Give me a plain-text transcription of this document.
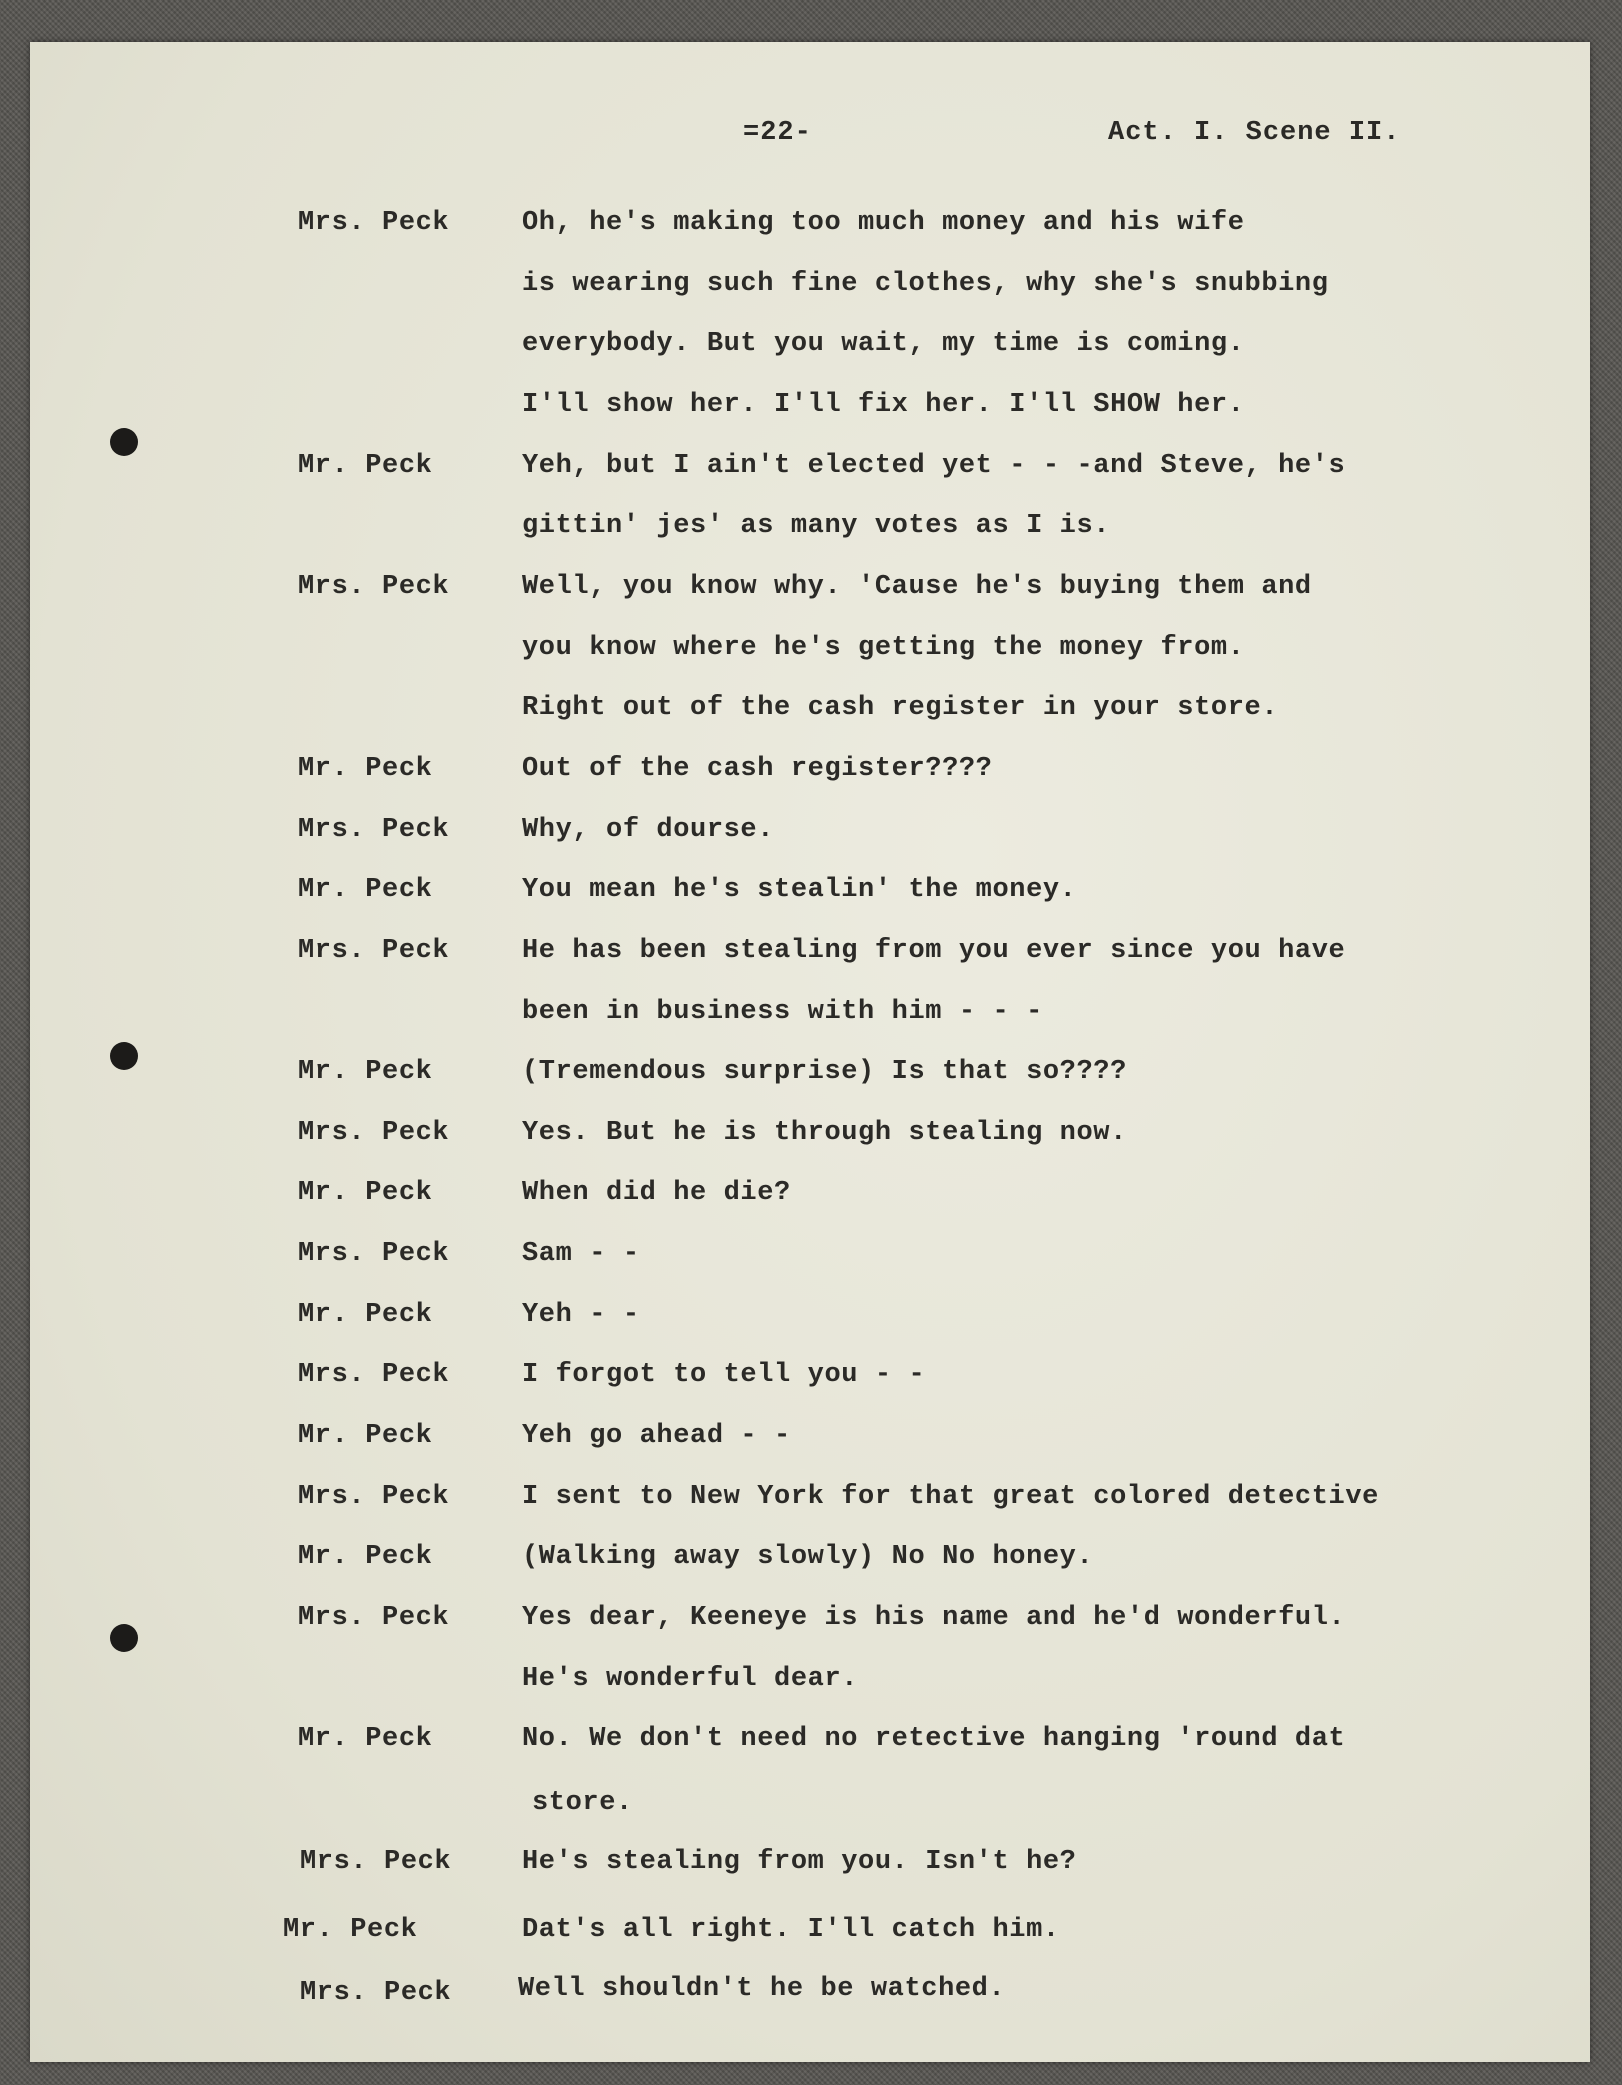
=22-	Act. I. Scene II.
Mrs. Peck	Oh, he's making too much money and his wife
is wearing such fine clothes, why she's snubbing
everybody. But you wait, my time is coming.
I'll show her. I'll fix her. I'll SHOW her.
Mr. Peck	Yeh, but I ain't elected yet - - -and Steve, he's
gittin' jes' as many votes as I is.
Mrs. Peck	Well, you know why. 'Cause he's buying them and
you know where he's getting the money from.
Right out of the cash register in your store.
Mr. Peck	Out of the cash register????
Mrs. Peck	Why, of dourse.
Mr. Peck	You mean he's stealin' the money.
Mrs. Peck	He has been stealing from you ever since you have
been in business with him - - -
Mr. Peck	(Tremendous surprise) Is that so????
Mrs. Peck	Yes. But he is through stealing now.
Mr. Peck	When did he die?
Mrs. Peck	Sam - -
Mr. Peck	Yeh - -
Mrs. Peck	I forgot to tell you - -
Mr. Peck	Yeh go ahead - -
Mrs. Peck	I sent to New York for that great colored detective
Mr. Peck	(Walking away slowly) No No honey.
Mrs. Peck	Yes dear, Keeneye is his name and he'd wonderful.
He's wonderful dear.
Mr. Peck	No. We don't need no retective hanging 'round dat
store.
Mrs. Peck	He's stealing from you. Isn't he?
Mr. Peck	Dat's all right. I'll catch him.
Mrs. Peck Well shouldn't he be watched.
